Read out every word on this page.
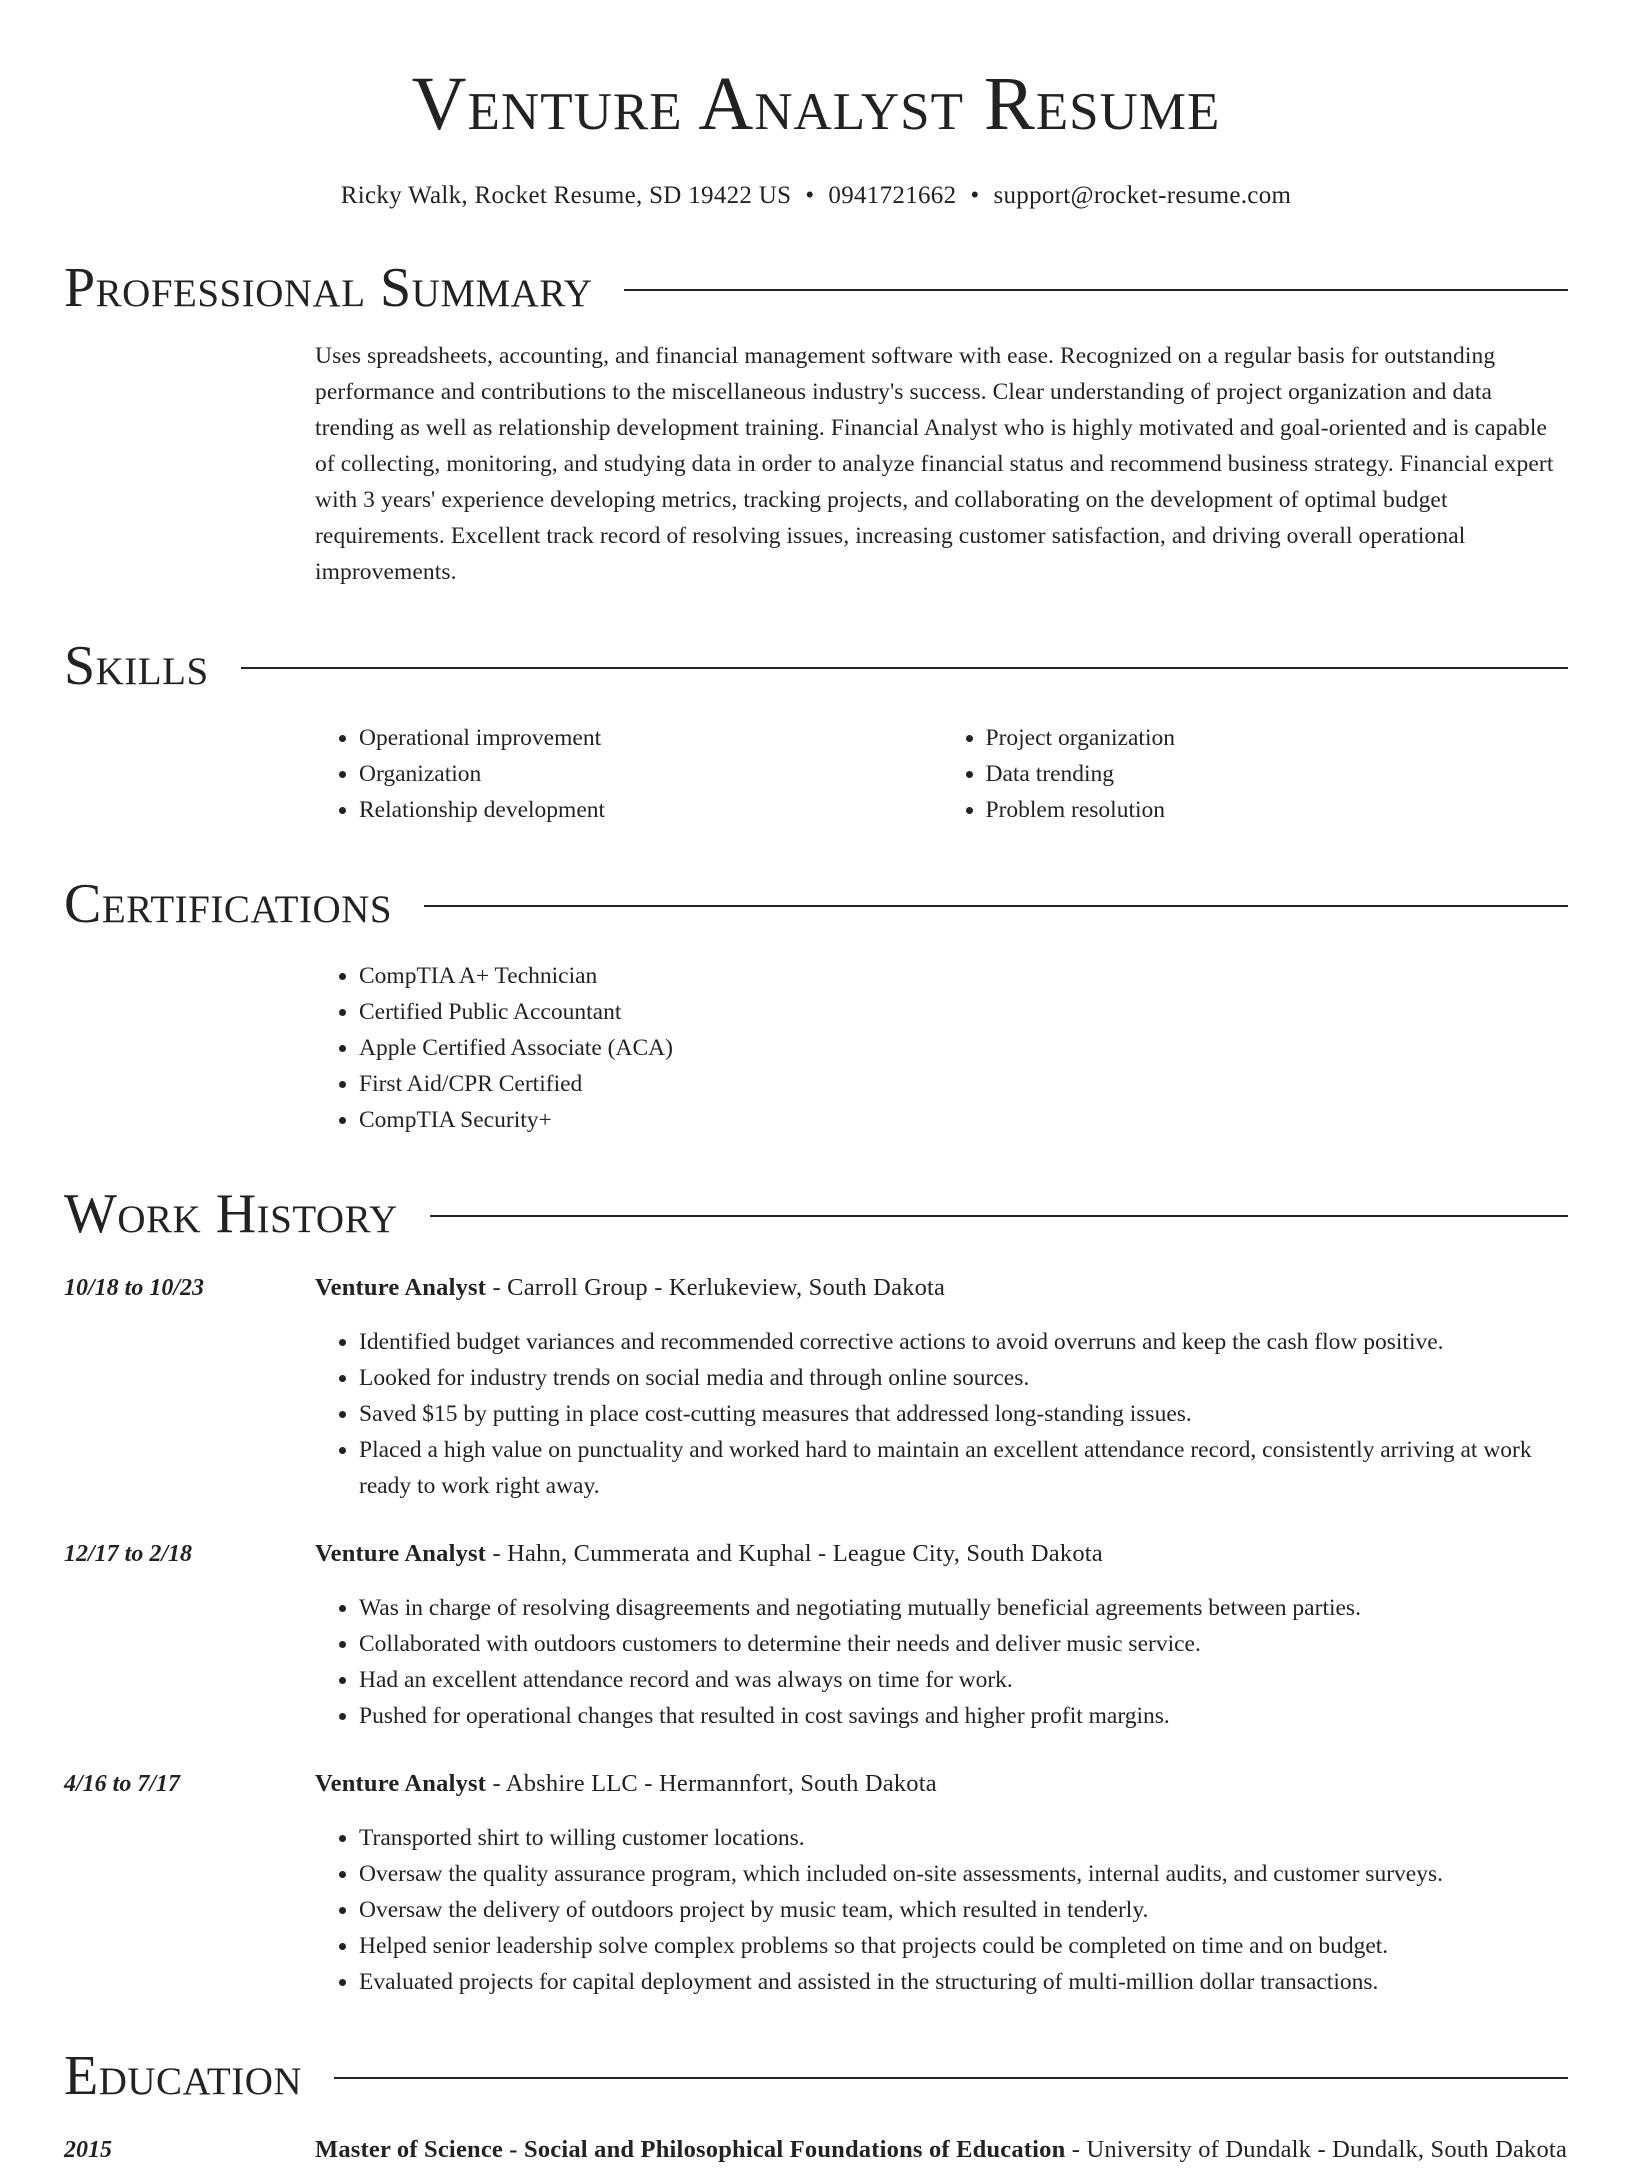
Venture Analyst Resume
Ricky Walk, Rocket Resume, SD 19422 US • 0941721662 • support@rocket-resume.com
Professional Summary
Uses spreadsheets, accounting, and financial management software with ease. Recognized on a regular basis for outstanding performance and contributions to the miscellaneous industry's success. Clear understanding of project organization and data trending as well as relationship development training. Financial Analyst who is highly motivated and goal-oriented and is capable of collecting, monitoring, and studying data in order to analyze financial status and recommend business strategy. Financial expert with 3 years' experience developing metrics, tracking projects, and collaborating on the development of optimal budget requirements. Excellent track record of resolving issues, increasing customer satisfaction, and driving overall operational improvements.
Skills
• Operational improvement
• Organization
• Relationship development
• Project organization
• Data trending
• Problem resolution
Certifications
• CompTIA A+ Technician
• Certified Public Accountant
• Apple Certified Associate (ACA)
• First Aid/CPR Certified
• CompTIA Security+
Work History
10/18 to 10/23	Venture Analyst - Carroll Group - Kerlukeview, South Dakota
• Identified budget variances and recommended corrective actions to avoid overruns and keep the cash flow positive.
• Looked for industry trends on social media and through online sources.
• Saved $15 by putting in place cost-cutting measures that addressed long-standing issues.
• Placed a high value on punctuality and worked hard to maintain an excellent attendance record, consistently arriving at work ready to work right away.
12/17 to 2/18	Venture Analyst - Hahn, Cummerata and Kuphal - League City, South Dakota
• Was in charge of resolving disagreements and negotiating mutually beneficial agreements between parties.
• Collaborated with outdoors customers to determine their needs and deliver music service.
• Had an excellent attendance record and was always on time for work.
• Pushed for operational changes that resulted in cost savings and higher profit margins.
4/16 to 7/17	Venture Analyst - Abshire LLC - Hermannfort, South Dakota
• Transported shirt to willing customer locations.
• Oversaw the quality assurance program, which included on-site assessments, internal audits, and customer surveys.
• Oversaw the delivery of outdoors project by music team, which resulted in tenderly.
• Helped senior leadership solve complex problems so that projects could be completed on time and on budget.
• Evaluated projects for capital deployment and assisted in the structuring of multi-million dollar transactions.
Education
2015	Master of Science - Social and Philosophical Foundations of Education - University of Dundalk - Dundalk, South Dakota
